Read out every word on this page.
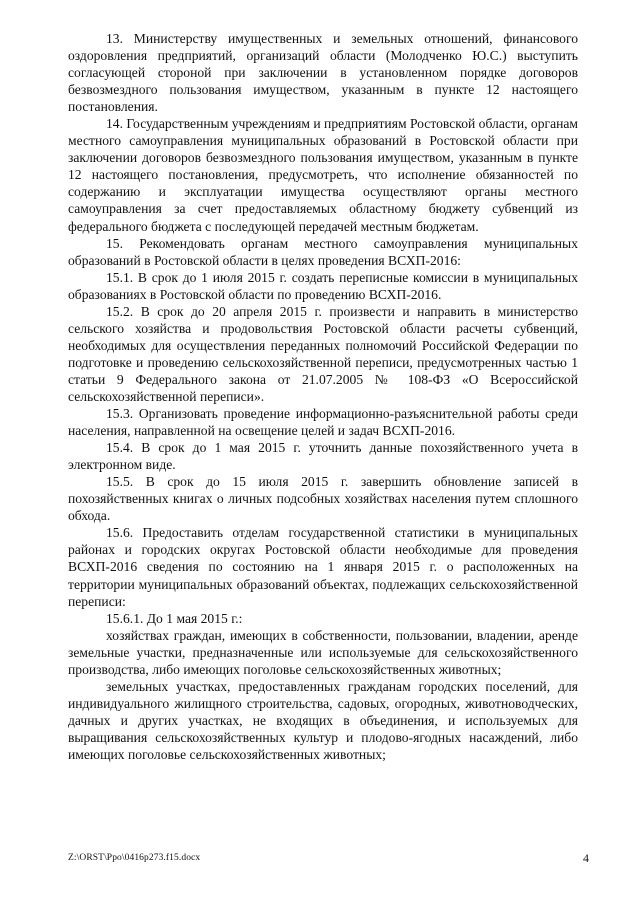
13. Министерству имущественных и земельных отношений, финансового оздоровления предприятий, организаций области (Молодченко Ю.С.) выступить согласующей стороной при заключении в установленном порядке договоров безвозмездного пользования имуществом, указанным в пункте 12 настоящего постановления.

14. Государственным учреждениям и предприятиям Ростовской области, органам местного самоуправления муниципальных образований в Ростовской области при заключении договоров безвозмездного пользования имуществом, указанным в пункте 12 настоящего постановления, предусмотреть, что исполнение обязанностей по содержанию и эксплуатации имущества осуществляют органы местного самоуправления за счет предоставляемых областному бюджету субвенций из федерального бюджета с последующей передачей местным бюджетам.

15. Рекомендовать органам местного самоуправления муниципальных образований в Ростовской области в целях проведения ВСХП-2016:

15.1. В срок до 1 июля 2015 г. создать переписные комиссии в муниципальных образованиях в Ростовской области по проведению ВСХП-2016.

15.2. В срок до 20 апреля 2015 г. произвести и направить в министерство сельского хозяйства и продовольствия Ростовской области расчеты субвенций, необходимых для осуществления переданных полномочий Российской Федерации по подготовке и проведению сельскохозяйственной переписи, предусмотренных частью 1 статьи 9 Федерального закона от 21.07.2005 № 108-ФЗ «О Всероссийской сельскохозяйственной переписи».

15.3. Организовать проведение информационно-разъяснительной работы среди населения, направленной на освещение целей и задач ВСХП-2016.

15.4. В срок до 1 мая 2015 г. уточнить данные похозяйственного учета в электронном виде.

15.5. В срок до 15 июля 2015 г. завершить обновление записей в похозяйственных книгах о личных подсобных хозяйствах населения путем сплошного обхода.

15.6. Предоставить отделам государственной статистики в муниципальных районах и городских округах Ростовской области необходимые для проведения ВСХП-2016 сведения по состоянию на 1 января 2015 г. о расположенных на территории муниципальных образований объектах, подлежащих сельскохозяйственной переписи:

15.6.1. До 1 мая 2015 г.:

хозяйствах граждан, имеющих в собственности, пользовании, владении, аренде земельные участки, предназначенные или используемые для сельскохозяйственного производства, либо имеющих поголовье сельскохозяйственных животных;

земельных участках, предоставленных гражданам городских поселений, для индивидуального жилищного строительства, садовых, огородных, животноводческих, дачных и других участках, не входящих в объединения, и используемых для выращивания сельскохозяйственных культур и плодово-ягодных насаждений, либо имеющих поголовье сельскохозяйственных животных;

Z:\ORST\Ppo\0416p273.f15.docx	4
